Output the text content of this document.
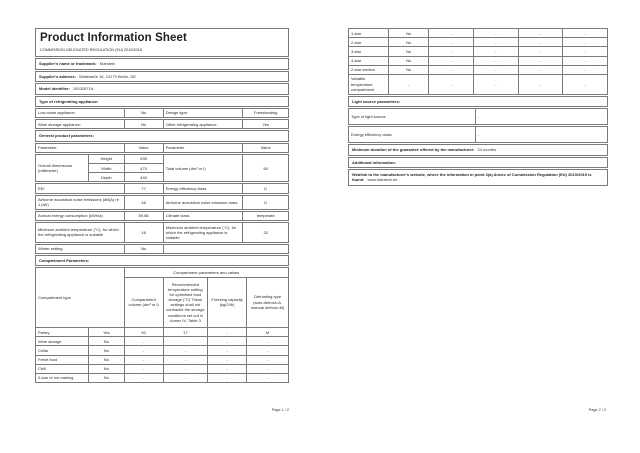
Product Information Sheet
COMMISSION DELEGATED REGULATION (EU) 2019/2016
Supplier's name or trademark: Klarstein
Supplier's address: Wallstraße 16, 10179 Berlin, DE
Model identifier: 10032871A
Type of refrigerating appliance:
Low-noise appliance:	No	Design type:	Freestanding
Wine storage appliance:	No	Other refrigerating appliance:	Yes
General product parameters:
Parameter	Value	Parameter	Value
Overall dimensions (millimetre)	Height	635	Total volume (dm³ or l)	60
	Width	470		
	Depth	440		
EEI	77	Energy efficiency class	D
Airborne acoustical noise emissions (dB(A) re 1 pW)	46	Airborne acoustical noise emission class	D
Annual energy consumption (kWh/a)	59.86	Climate class	temperate
Minimum ambient temperature (°C), for which the refrigerating appliance is suitable	16	Maximum ambient temperature (°C), for which the refrigerating appliance is suitable	32
Winter setting	No	
Compartment Parameters:
Compartment type		Compartment parameters and values			
		Compartment volume (dm³ or l)	Recommended temperature setting for optimised food storage (°C) These settings shall not contradict the storage conditions set out in Annex IV, Table 3	Freezing capacity (kg/24h)	Defrosting type (auto-defrost=A, manual defrost=M)
Pantry	Yes	60	17	-	M
Wine storage	No	-	-	-	-
Cellar	No	-	-	-	-
Fresh food	No	-	-	-	-
Chill	No	-	-	-	-
0-star or ice-making	No	-	-	-	-
Page 1 / 2
1-star	No	-	-	-	-
2-star	No	-	-	-	-
3-star	No	-	-	-	-
4-star	No	-	-	-	-
2-star section	No	-	-	-	-
Variable temperature compartment	-	-	-	-	-
Light source parameters:
Type of light source	-
Energy efficiency class	-
Minimum duration of the guarantee offered by the manufacturer: 24 months
Additional information:
Weblink to the manufacturer's website, where the information in point 4(a) Annex of Commission Regulation (EU) 2019/2019 is found: www.klarstein.de
Page 2 / 2
